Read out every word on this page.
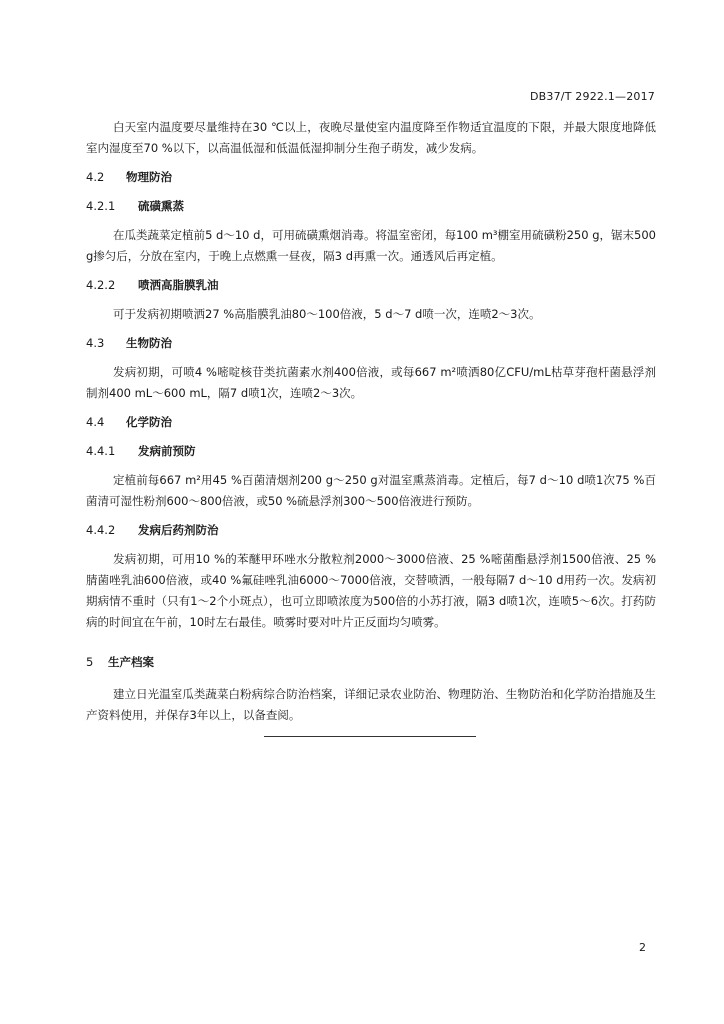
DB37/T 2922.1—2017

白天室内温度要尽量维持在30 ℃以上，夜晚尽量使室内温度降至作物适宜温度的下限，并最大限度地降低室内湿度至70 %以下，以高温低湿和低温低湿抑制分生孢子萌发，减少发病。

4.2 物理防治
4.2.1 硫磺熏蒸

在瓜类蔬菜定植前5 d～10 d，可用硫磺熏烟消毒。将温室密闭，每100 m³棚室用硫磺粉250 g，锯末500 g掺匀后，分放在室内，于晚上点燃熏一昼夜，隔3 d再熏一次。通透风后再定植。

4.2.2 喷洒高脂膜乳油

可于发病初期喷洒27 %高脂膜乳油80～100倍液，5 d～7 d喷一次，连喷2～3次。

4.3 生物防治

发病初期，可喷4 %嘧啶核苷类抗菌素水剂400倍液，或每667 m²喷洒80亿CFU/mL枯草芽孢杆菌悬浮剂制剂400 mL～600 mL，隔7 d喷1次，连喷2～3次。

4.4 化学防治
4.4.1 发病前预防

定植前每667 m²用45 %百菌清烟剂200 g～250 g对温室熏蒸消毒。定植后，每7 d～10 d喷1次75 %百菌清可湿性粉剂600～800倍液，或50 %硫悬浮剂300～500倍液进行预防。

4.4.2 发病后药剂防治

发病初期，可用10 %的苯醚甲环唑水分散粒剂2000～3000倍液、25 %嘧菌酯悬浮剂1500倍液、25 %腈菌唑乳油600倍液，或40 %氟硅唑乳油6000～7000倍液，交替喷洒，一般每隔7 d～10 d用药一次。发病初期病情不重时（只有1～2个小斑点），也可立即喷浓度为500倍的小苏打液，隔3 d喷1次，连喷5～6次。打药防病的时间宜在午前，10时左右最佳。喷雾时要对叶片正反面均匀喷雾。

5 生产档案

建立日光温室瓜类蔬菜白粉病综合防治档案，详细记录农业防治、物理防治、生物防治和化学防治措施及生产资料使用，并保存3年以上，以备查阅。

2
